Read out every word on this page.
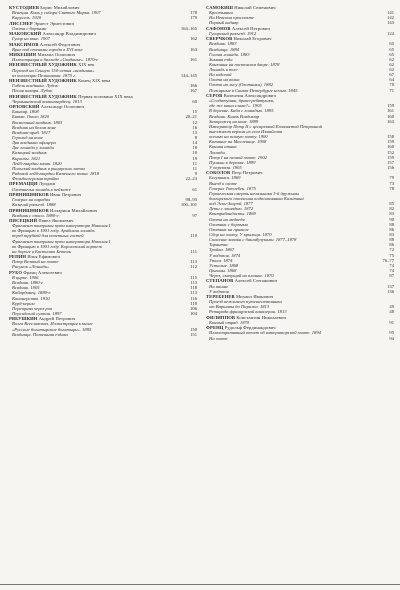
КУСТОДИЕВ Борис Михайлович
Венеция. Конь у собора Святого Марка. 1907	178
Карусель. 1920	179
ЛИССНЕР Эрнест Эрнестович
Охота с борзыми	164–165
МАКОВСКИЙ Александр Владимирович
Гусар на коне. 1907	162
МАКСИМОВ Алексей Федотович
Враг под стенами города в XVI веке	163
МИКЕШИН Михаил Осипович
Иллюстрация к балладе «Свиданье». 1870-е	161
НЕИЗВЕСТНЫЙ ХУДОЖНИК XIX век
Переход на Сенную 150-летия «всадника»
из коллекции Пеликанова. 1875 г.	144–145
НЕИЗВЕСТНЫЙ ХУДОЖНИК Конец XIX века
Гибель всадника. Лубок	166
Песня пахаря. Лубок	167
НЕИЗВЕСТНЫЙ ХУДОЖНИК Первая половина XIX века
Чернышевский конногвардеец. 1813	60
ОРЛОВСКИЙ Александр Осипович
Башкир. 1808	15
Битва. Около 1820	20–21
Восточный всадник. 1803	12
Всадник на белом коне	16
Всадник-араб. 1817	13
Герольд на коне	8
Два всадника офицера	14
Две лошади у лошади	18
Казацкий всадник	10
Киргизы. 1821	19
Лейб-гвардии казак. 1820	11
Польский всадник в рыцарских латах	11
Рядовой лейб-гвардии Казачьего полка. 1818	9
Фельдъегерская тройка	22–23
ПРЕМАЦЦИ Луиджи
Охотничья лошадь в пейзаже	61
ПРЯНИШНИКОВ Иван Петрович
Генерал на парадах	98–95
Казачий разъезд. 1888	100–101
ПРЯНИШНИКОВ Илларион Михайлович
Всадник с опоси. 1880-е	97
ПЯСЕЦКИЙ Павел Яковлевич
Фрагмент панорамы пути императора Николая I
во Францию в 1901 году. Арабская лошадь
перед трубкой для почетных гостей	110
Фрагмент панорамы пути императора Николая I
во Францию в 1901 году. Королевский кортеж
на дороге в Бастилию Бетень	111
РЕПИН Илья Ефимович
Петр Великий на охоте	113
Рисунок «Лошадь»	112
РУБО Франц Алексеевич
В цирке. 1906	115
Всадник. 1880-е	113
Всадник. 1905	118
Кабардинец. 1880-е	113
Канонерство. 1910	116
Курд-керим	118
Переправа через ров	106
Персидский султан. 1897	104
РЯБУШКИН Андрей Петрович
Волга Всеславович. Иллюстрация к книге
«Русские богатырские богатыри». 1895	150
Всадница. Потешная ездака	151
САМОКИШ Николай Семенович
Крестьянин	141
На Невском проспекте	142
Первый кадавр	143
САФОНОВ Алексей Петрович
Гусарский разъезд. 1912	124
СВЕРЧКОВ Николай Егорович
Всадник. 1883	65
Всадница. 1884	65
Голова лошади. 1883	65
Зимняя езда	62
Конюшня на постоялом дворе. 1878	62
Лошадь в поле	62
На водопой	67
Охота на волка	64
Охота на лису (Охотники). 1882	70
Пожарные в Санкт-Петербурге ночью. 1845	71
СЕРОВ Валентин Александрович
«Солдатушки, браво-ребятушки,
где же ваша слава?». 1905	159
В деревне. Баба с лошадью. 1895	161
Всадник. Князь Владимир	160
Запорожец на коне. 1889	163
Император Петр II с цесаревной Елизаветой Петровной
выезжают верхом из села Измайлова
осенью на псовую охоту. 1900	158
Катание на Масленице. 1908	159
Конная атака	160
Лошади	152
Петр I на псовой охоте. 1902	159
Пушкин в деревне. 1899	157
У перевоза. 1905	156
СОКОЛОВ Петр Петрович
Бегунники. 1869	79
Выезд к охоте	73
Генерал Тотлебен. 1875	78
Героическая смерть начальника 3-й дружины
болгарского ополчения подполковника Калитина
под Эски-Загрой. 1877	85
Дети с лошадью. 1872	82
Контрабандисты. 1869	83
Охота на медведя	90
Охотник с борзыми	88
Охотник на привале	86
Сбор на охоту. У крыльца. 1870	83
Спасение казака с башибузуками. 1877–1878	88
Тарантас	86
Тройка. 1867	72
У водопоя. 1874	75
Упала. 1874	76–77
Усталые. 1868	74
Цыганы. 1868	74
Через, скачущий на плашке. 1870	87
СТЕПАНОВ Алексей Степанович
На пашне	137
У водопоя	136
ТЕРЕБЕНЕВ Михаил Иванович
Проезд вежливого путешественника
от Варшавы до Парижа. 1813	49
Ретирада французской кавалерии. 1813	48
ФИЛИППОВ Константин Николаевич
Конный отряд. 1870	91
ФРЕНЦ Рудольф Фердинандович
Иллюстративный отчет об императорской охоте. 1894	95
На охоте	94
